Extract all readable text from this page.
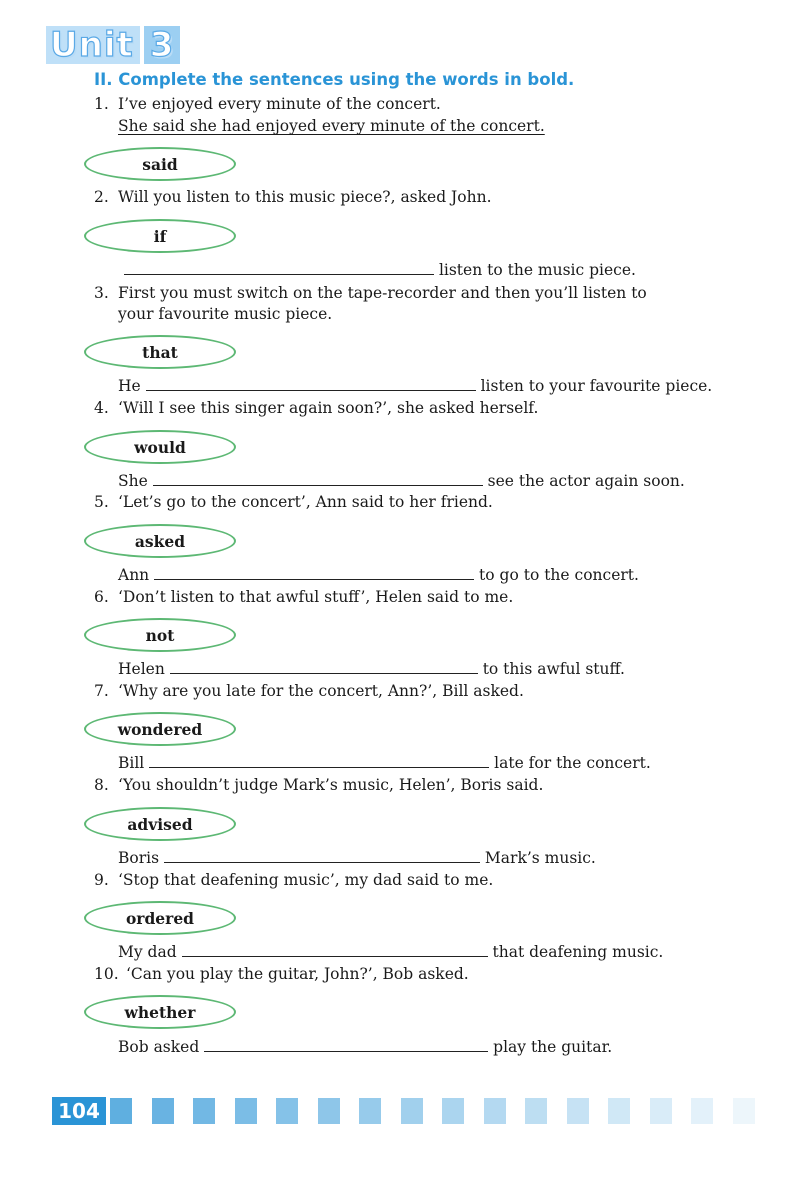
Unit 3
II. Complete the sentences using the words in bold.
1. I’ve enjoyed every minute of the concert.
She said she had enjoyed every minute of the concert.
said
2. Will you listen to this music piece?, asked John.
if
listen to the music piece.
3. First you must switch on the tape-recorder and then you’ll listen to
your favourite music piece.
that
He	listen to your favourite piece.
4. ‘Will I see this singer again soon?’, she asked herself.
would
She	see the actor again soon.
5. ‘Let’s go to the concert’, Ann said to her friend.
asked
Ann	to go to the concert.
6. ‘Don’t listen to that awful stuff’, Helen said to me.
not
Helen	to this awful stuff.
7. ‘Why are you late for the concert, Ann?’, Bill asked.
wondered
Bill	late for the concert.
8. ‘You shouldn’t judge Mark’s music, Helen’, Boris said.
advised
Boris	Mark’s music.
9. ‘Stop that deafening music’, my dad said to me.
ordered
My dad	that deafening music.
10. ‘Can you play the guitar, John?’, Bob asked.
whether
Bob asked	play the guitar.
104
